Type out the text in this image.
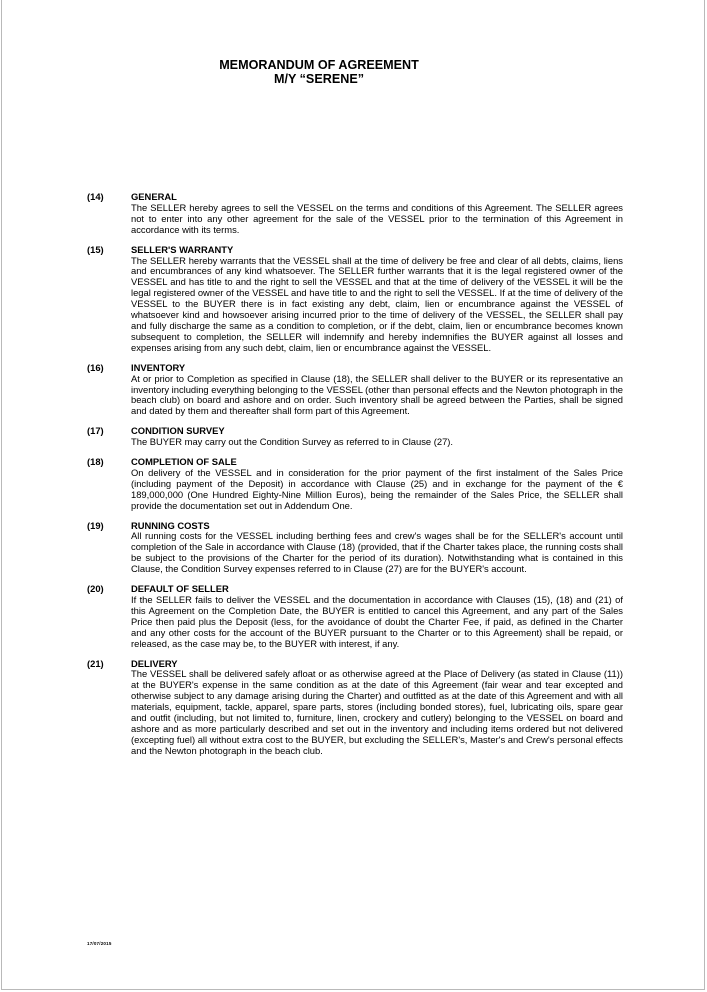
MEMORANDUM OF AGREEMENT
M/Y “SERENE”
(14)	GENERAL
The SELLER hereby agrees to sell the VESSEL on the terms and conditions of this Agreement. The SELLER agrees not to enter into any other agreement for the sale of the VESSEL prior to the termination of this Agreement in accordance with its terms.
(15)	SELLER'S WARRANTY
The SELLER hereby warrants that the VESSEL shall at the time of delivery be free and clear of all debts, claims, liens and encumbrances of any kind whatsoever. The SELLER further warrants that it is the legal registered owner of the VESSEL and has title to and the right to sell the VESSEL and that at the time of delivery of the VESSEL it will be the legal registered owner of the VESSEL and have title to and the right to sell the VESSEL. If at the time of delivery of the VESSEL to the BUYER there is in fact existing any debt, claim, lien or encumbrance against the VESSEL of whatsoever kind and howsoever arising incurred prior to the time of delivery of the VESSEL, the SELLER shall pay and fully discharge the same as a condition to completion, or if the debt, claim, lien or encumbrance becomes known subsequent to completion, the SELLER will indemnify and hereby indemnifies the BUYER against all losses and expenses arising from any such debt, claim, lien or encumbrance against the VESSEL.
(16)	INVENTORY
At or prior to Completion as specified in Clause (18), the SELLER shall deliver to the BUYER or its representative an inventory including everything belonging to the VESSEL (other than personal effects and the Newton photograph in the beach club) on board and ashore and on order. Such inventory shall be agreed between the Parties, shall be signed and dated by them and thereafter shall form part of this Agreement.
(17)	CONDITION SURVEY
The BUYER may carry out the Condition Survey as referred to in Clause (27).
(18)	COMPLETION OF SALE
On delivery of the VESSEL and in consideration for the prior payment of the first instalment of the Sales Price (including payment of the Deposit) in accordance with Clause (25) and in exchange for the payment of the € 189,000,000 (One Hundred Eighty-Nine Million Euros), being the remainder of the Sales Price, the SELLER shall provide the documentation set out in Addendum One.
(19)	RUNNING COSTS
All running costs for the VESSEL including berthing fees and crew's wages shall be for the SELLER's account until completion of the Sale in accordance with Clause (18) (provided, that if the Charter takes place, the running costs shall be subject to the provisions of the Charter for the period of its duration). Notwithstanding what is contained in this Clause, the Condition Survey expenses referred to in Clause (27) are for the BUYER's account.
(20)	DEFAULT OF SELLER
If the SELLER fails to deliver the VESSEL and the documentation in accordance with Clauses (15), (18) and (21) of this Agreement on the Completion Date, the BUYER is entitled to cancel this Agreement, and any part of the Sales Price then paid plus the Deposit (less, for the avoidance of doubt the Charter Fee, if paid, as defined in the Charter and any other costs for the account of the BUYER pursuant to the Charter or to this Agreement) shall be repaid, or released, as the case may be, to the BUYER with interest, if any.
(21)	DELIVERY
The VESSEL shall be delivered safely afloat or as otherwise agreed at the Place of Delivery (as stated in Clause (11)) at the BUYER's expense in the same condition as at the date of this Agreement (fair wear and tear excepted and otherwise subject to any damage arising during the Charter) and outfitted as at the date of this Agreement and with all materials, equipment, tackle, apparel, spare parts, stores (including bonded stores), fuel, lubricating oils, spare gear and outfit (including, but not limited to, furniture, linen, crockery and cutlery) belonging to the VESSEL on board and ashore and as more particularly described and set out in the inventory and including items ordered but not delivered (excepting fuel) all without extra cost to the BUYER, but excluding the SELLER's, Master's and Crew's personal effects and the Newton photograph in the beach club.
17/07/2015
